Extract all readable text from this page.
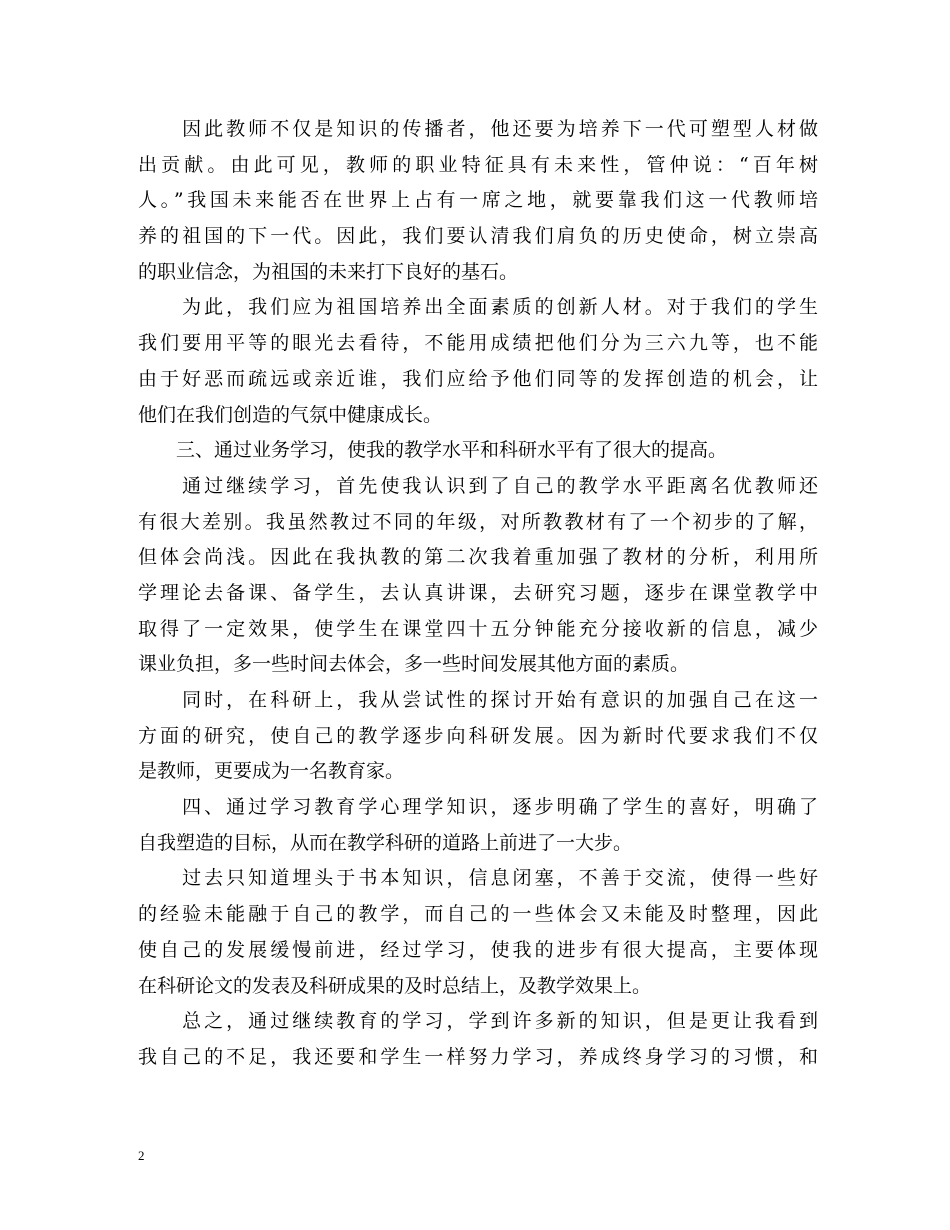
　　因此教师不仅是知识的传播者，他还要为培养下一代可塑型人材做
出贡献。由此可见，教师的职业特征具有未来性，管仲说：“百年树
人。”我国未来能否在世界上占有一席之地，就要靠我们这一代教师培
养的祖国的下一代。因此，我们要认清我们肩负的历史使命，树立崇高
的职业信念，为祖国的未来打下良好的基石。
　　为此，我们应为祖国培养出全面素质的创新人材。对于我们的学生
我们要用平等的眼光去看待，不能用成绩把他们分为三六九等，也不能
由于好恶而疏远或亲近谁，我们应给予他们同等的发挥创造的机会，让
他们在我们创造的气氛中健康成长。
　　三、通过业务学习，使我的教学水平和科研水平有了很大的提高。
　　通过继续学习，首先使我认识到了自己的教学水平距离名优教师还
有很大差别。我虽然教过不同的年级，对所教教材有了一个初步的了解，
但体会尚浅。因此在我执教的第二次我着重加强了教材的分析，利用所
学理论去备课、备学生，去认真讲课，去研究习题，逐步在课堂教学中
取得了一定效果，使学生在课堂四十五分钟能充分接收新的信息，减少
课业负担，多一些时间去体会，多一些时间发展其他方面的素质。
　　同时，在科研上，我从尝试性的探讨开始有意识的加强自己在这一
方面的研究，使自己的教学逐步向科研发展。因为新时代要求我们不仅
是教师，更要成为一名教育家。
　　四、通过学习教育学心理学知识，逐步明确了学生的喜好，明确了
自我塑造的目标，从而在教学科研的道路上前进了一大步。
　　过去只知道埋头于书本知识，信息闭塞，不善于交流，使得一些好
的经验未能融于自己的教学，而自己的一些体会又未能及时整理，因此
使自己的发展缓慢前进，经过学习，使我的进步有很大提高，主要体现
在科研论文的发表及科研成果的及时总结上，及教学效果上。
　　总之，通过继续教育的学习，学到许多新的知识，但是更让我看到
我自己的不足，我还要和学生一样努力学习，养成终身学习的习惯，和
2
